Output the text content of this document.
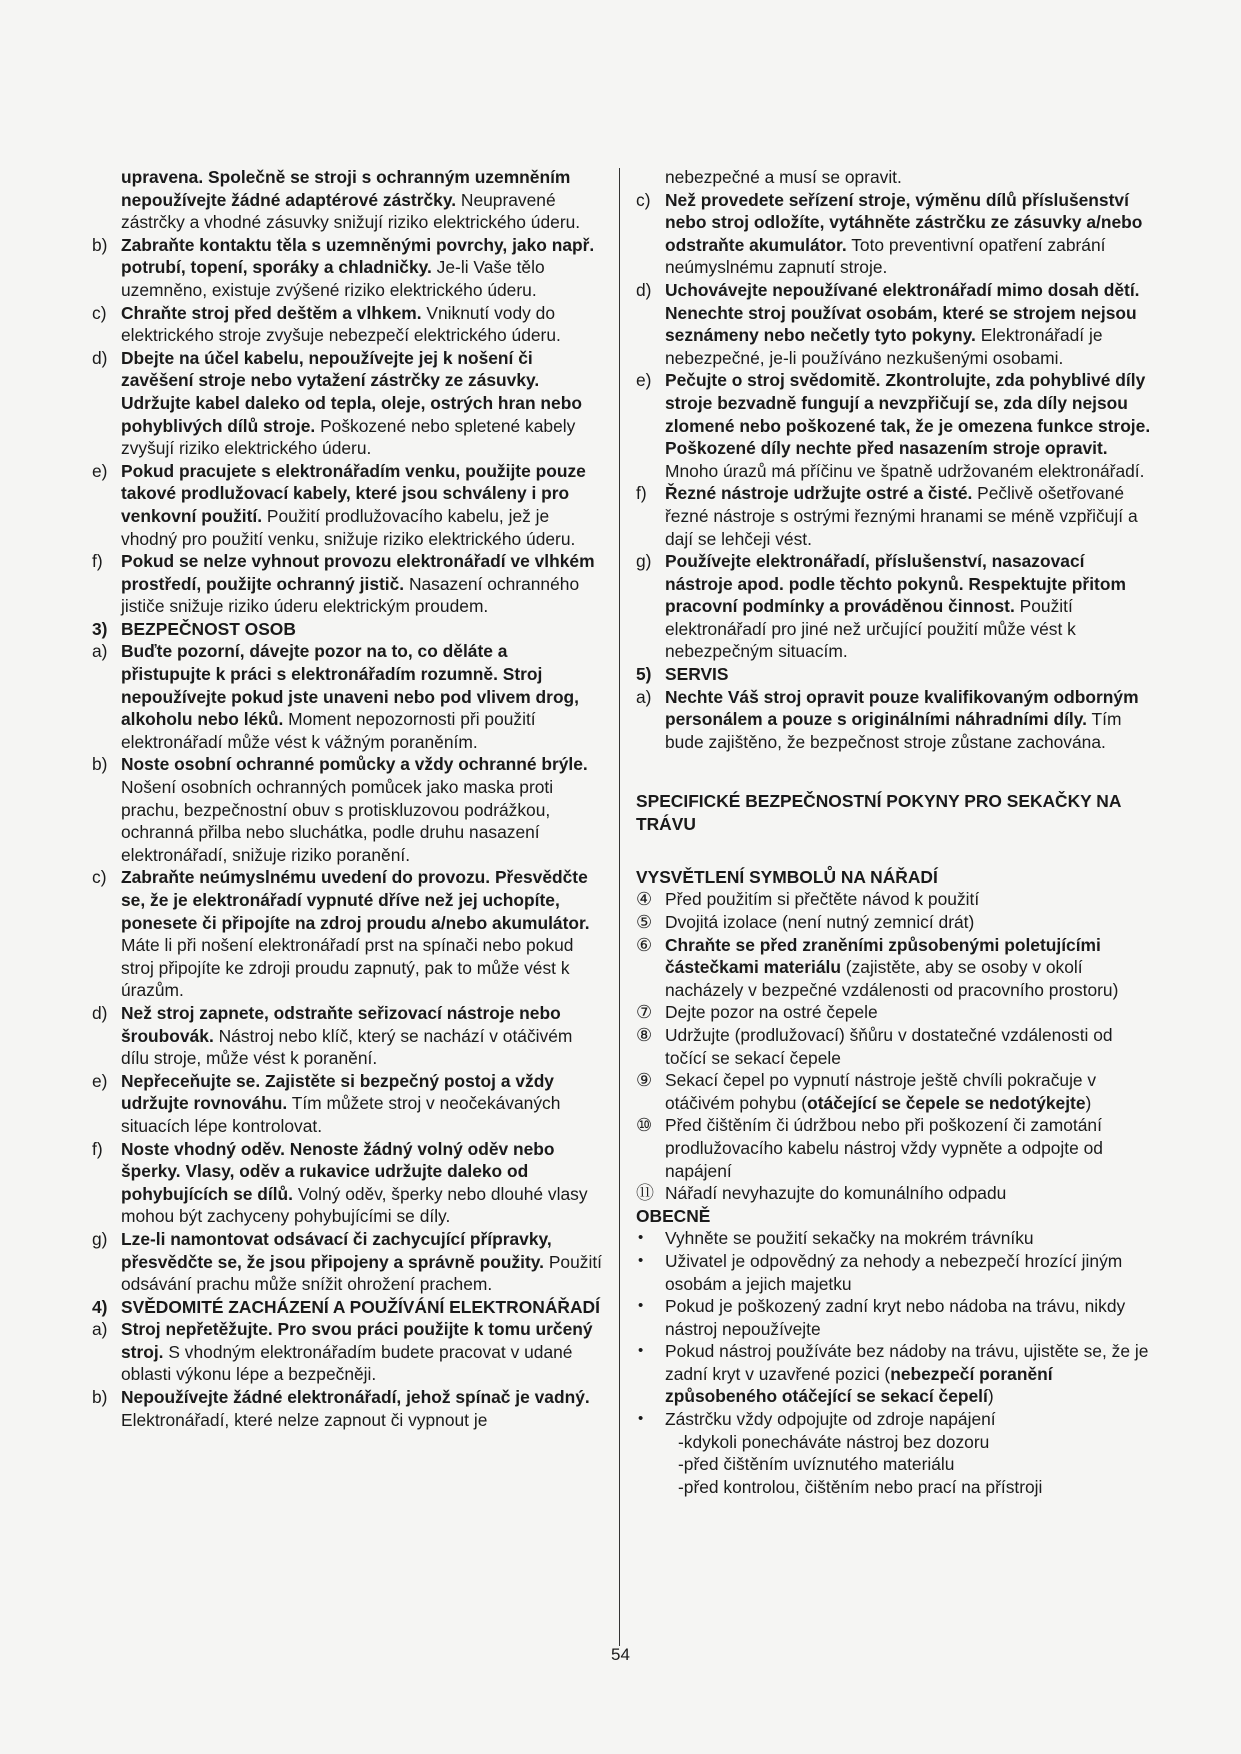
upravena. Společně se stroji s ochranným uzemněním nepoužívejte žádné adaptérové zástrčky. Neupravené zástrčky a vhodné zásuvky snižují riziko elektrického úderu.

b) Zabraňte kontaktu těla s uzemněnými povrchy, jako např. potrubí, topení, sporáky a chladničky. Je-li Vaše tělo uzemněno, existuje zvýšené riziko elektrického úderu.

c) Chraňte stroj před deštěm a vlhkem. Vniknutí vody do elektrického stroje zvyšuje nebezpečí elektrického úderu.

d) Dbejte na účel kabelu, nepoužívejte jej k nošení či zavěšení stroje nebo vytažení zástrčky ze zásuvky. Udržujte kabel daleko od tepla, oleje, ostrých hran nebo pohyblivých dílů stroje. Poškozené nebo spletené kabely zvyšují riziko elektrického úderu.

e) Pokud pracujete s elektronářadím venku, použijte pouze takové prodlužovací kabely, které jsou schváleny i pro venkovní použití. Použití prodlužovacího kabelu, jež je vhodný pro použití venku, snižuje riziko elektrického úderu.

f) Pokud se nelze vyhnout provozu elektronářadí ve vlhkém prostředí, použijte ochranný jistič. Nasazení ochranného jističe snižuje riziko úderu elektrickým proudem.

3) BEZPEČNOST OSOB

a) Buďte pozorní, dávejte pozor na to, co děláte a přistupujte k práci s elektronářadím rozumně. Stroj nepoužívejte pokud jste unaveni nebo pod vlivem drog, alkoholu nebo léků. Moment nepozornosti při použití elektronářadí může vést k vážným poraněním.

b) Noste osobní ochranné pomůcky a vždy ochranné brýle. Nošení osobních ochranných pomůcek jako maska proti prachu, bezpečnostní obuv s protiskluzovou podrážkou, ochranná přilba nebo sluchátka, podle druhu nasazení elektronářadí, snižuje riziko poranění.

c) Zabraňte neúmyslnému uvedení do provozu. Přesvědčte se, že je elektronářadí vypnuté dříve než jej uchopíte, ponesete či připojíte na zdroj proudu a/nebo akumulátor. Máte li při nošení elektronářadí prst na spínači nebo pokud stroj připojíte ke zdroji proudu zapnutý, pak to může vést k úrazům.

d) Než stroj zapnete, odstraňte seřizovací nástroje nebo šroubovák. Nástroj nebo klíč, který se nachází v otáčivém dílu stroje, může vést k poranění.

e) Nepřeceňujte se. Zajistěte si bezpečný postoj a vždy udržujte rovnováhu. Tím můžete stroj v neočekávaných situacích lépe kontrolovat.

f) Noste vhodný oděv. Nenoste žádný volný oděv nebo šperky. Vlasy, oděv a rukavice udržujte daleko od pohybujících se dílů. Volný oděv, šperky nebo dlouhé vlasy mohou být zachyceny pohybujícími se díly.

g) Lze-li namontovat odsávací či zachycující přípravky, přesvědčte se, že jsou připojeny a správně použity. Použití odsávání prachu může snížit ohrožení prachem.

4) SVĚDOMITÉ ZACHÁZENÍ A POUŽÍVÁNÍ ELEKTRONÁŘADÍ

a) Stroj nepřetěžujte. Pro svou práci použijte k tomu určený stroj. S vhodným elektronářadím budete pracovat v udané oblasti výkonu lépe a bezpečněji.

b) Nepoužívejte žádné elektronářadí, jehož spínač je vadný. Elektronářadí, které nelze zapnout či vypnout je

nebezpečné a musí se opravit.

c) Než provedete seřízení stroje, výměnu dílů příslušenství nebo stroj odložíte, vytáhněte zástrčku ze zásuvky a/nebo odstraňte akumulátor. Toto preventivní opatření zabrání neúmyslnému zapnutí stroje.

d) Uchovávejte nepoužívané elektronářadí mimo dosah dětí. Nenechte stroj používat osobám, které se strojem nejsou seznámeny nebo nečetly tyto pokyny. Elektronářadí je nebezpečné, je-li používáno nezkušenými osobami.

e) Pečujte o stroj svědomitě. Zkontrolujte, zda pohyblivé díly stroje bezvadně fungují a nevzpřičují se, zda díly nejsou zlomené nebo poškozené tak, že je omezena funkce stroje. Poškozené díly nechte před nasazením stroje opravit. Mnoho úrazů má příčinu ve špatně udržovaném elektronářadí.

f) Řezné nástroje udržujte ostré a čisté. Pečlivě ošetřované řezné nástroje s ostrými řeznými hranami se méně vzpřičují a dají se lehčeji vést.

g) Používejte elektronářadí, příslušenství, nasazovací nástroje apod. podle těchto pokynů. Respektujte přitom pracovní podmínky a prováděnou činnost. Použití elektronářadí pro jiné než určující použití může vést k nebezpečným situacím.

5) SERVIS

a) Nechte Váš stroj opravit pouze kvalifikovaným odborným personálem a pouze s originálními náhradními díly. Tím bude zajištěno, že bezpečnost stroje zůstane zachována.

SPECIFICKÉ BEZPEČNOSTNÍ POKYNY PRO SEKAČKY NA TRÁVU

VYSVĚTLENÍ SYMBOLŮ NA NÁŘADÍ

④ Před použitím si přečtěte návod k použití

⑤ Dvojitá izolace (není nutný zemnicí drát)

⑥ Chraňte se před zraněními způsobenými poletujícími částečkami materiálu (zajistěte, aby se osoby v okolí nacházely v bezpečné vzdálenosti od pracovního prostoru)

⑦ Dejte pozor na ostré čepele

⑧ Udržujte (prodlužovací) šňůru v dostatečné vzdálenosti od točící se sekací čepele

⑨ Sekací čepel po vypnutí nástroje ještě chvíli pokračuje v otáčivém pohybu (otáčející se čepele se nedotýkejte)

⑩ Před čištěním či údržbou nebo při poškození či zamotání prodlužovacího kabelu nástroj vždy vypněte a odpojte od napájení

⑪ Nářadí nevyhazujte do komunálního odpadu

OBECNĚ

• Vyhněte se použití sekačky na mokrém trávníku

• Uživatel je odpovědný za nehody a nebezpečí hrozící jiným osobám a jejich majetku

• Pokud je poškozený zadní kryt nebo nádoba na trávu, nikdy nástroj nepoužívejte

• Pokud nástroj používáte bez nádoby na trávu, ujistěte se, že je zadní kryt v uzavřené pozici (nebezpečí poranění způsobeného otáčející se sekací čepelí)

• Zástrčku vždy odpojujte od zdroje napájení

-kdykoli ponecháváte nástroj bez dozoru

-před čištěním uvíznutého materiálu

-před kontrolou, čištěním nebo prací na přístroji

54
